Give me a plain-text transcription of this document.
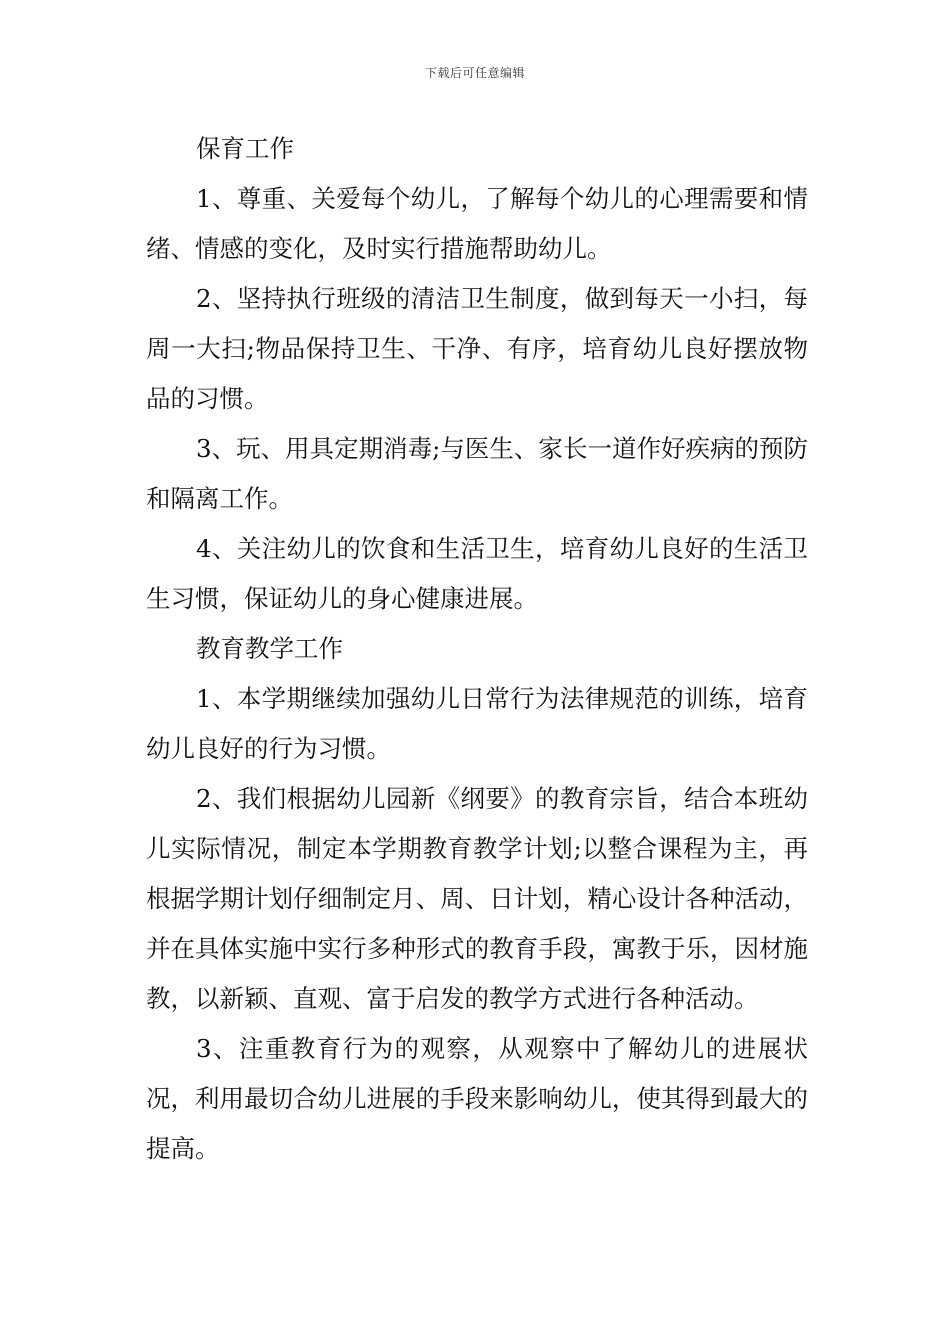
下载后可任意编辑

保育工作

1、尊重、关爱每个幼儿，了解每个幼儿的心理需要和情绪、情感的变化，及时实行措施帮助幼儿。

2、坚持执行班级的清洁卫生制度，做到每天一小扫，每周一大扫;物品保持卫生、干净、有序，培育幼儿良好摆放物品的习惯。

3、玩、用具定期消毒;与医生、家长一道作好疾病的预防和隔离工作。

4、关注幼儿的饮食和生活卫生，培育幼儿良好的生活卫生习惯，保证幼儿的身心健康进展。

教育教学工作

1、本学期继续加强幼儿日常行为法律规范的训练，培育幼儿良好的行为习惯。

2、我们根据幼儿园新《纲要》的教育宗旨，结合本班幼儿实际情况，制定本学期教育教学计划;以整合课程为主，再根据学期计划仔细制定月、周、日计划，精心设计各种活动，并在具体实施中实行多种形式的教育手段，寓教于乐，因材施教，以新颖、直观、富于启发的教学方式进行各种活动。

3、注重教育行为的观察，从观察中了解幼儿的进展状况，利用最切合幼儿进展的手段来影响幼儿，使其得到最大的提高。
